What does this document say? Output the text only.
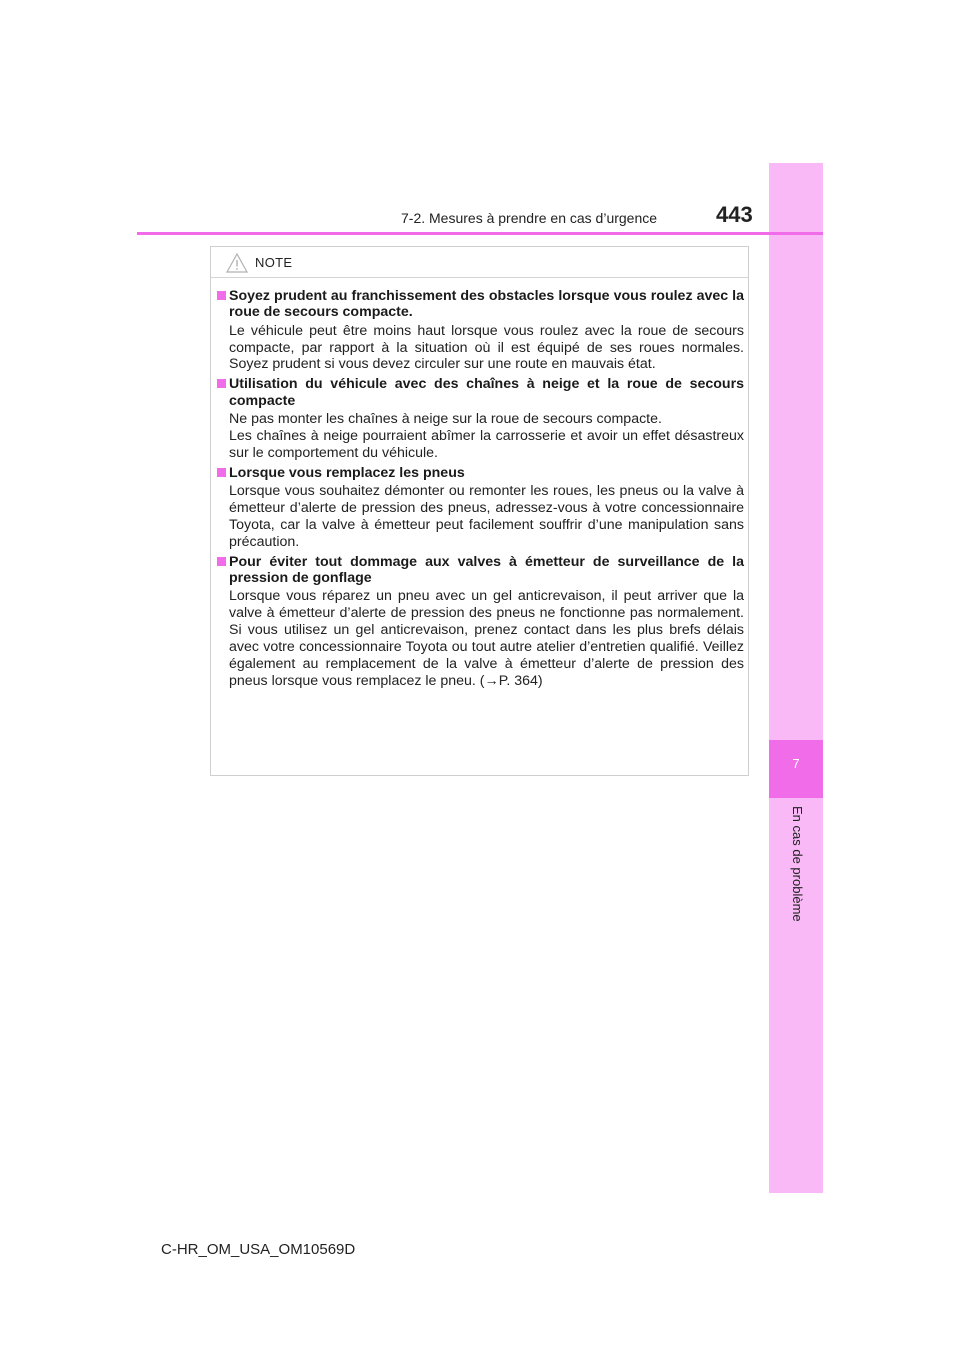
7
En cas de problème
7-2. Mesures à prendre en cas d’urgence	443
NOTE
Soyez prudent au franchissement des obstacles lorsque vous roulez avec la roue de secours compacte.

Le véhicule peut être moins haut lorsque vous roulez avec la roue de secours compacte, par rapport à la situation où il est équipé de ses roues normales. Soyez prudent si vous devez circuler sur une route en mauvais état.

Utilisation du véhicule avec des chaînes à neige et la roue de secours compacte

Ne pas monter les chaînes à neige sur la roue de secours compacte.

Les chaînes à neige pourraient abîmer la carrosserie et avoir un effet désastreux sur le comportement du véhicule.

Lorsque vous remplacez les pneus

Lorsque vous souhaitez démonter ou remonter les roues, les pneus ou la valve à émetteur d’alerte de pression des pneus, adressez-vous à votre concessionnaire Toyota, car la valve à émetteur peut facilement souffrir d’une manipulation sans précaution.

Pour éviter tout dommage aux valves à émetteur de surveillance de la pression de gonflage

Lorsque vous réparez un pneu avec un gel anticrevaison, il peut arriver que la valve à émetteur d’alerte de pression des pneus ne fonctionne pas normalement. Si vous utilisez un gel anticrevaison, prenez contact dans les plus brefs délais avec votre concessionnaire Toyota ou tout autre atelier d’entretien qualifié. Veillez également au remplacement de la valve à émetteur d’alerte de pression des pneus lorsque vous remplacez le pneu. (→P. 364)

C-HR_OM_USA_OM10569D
